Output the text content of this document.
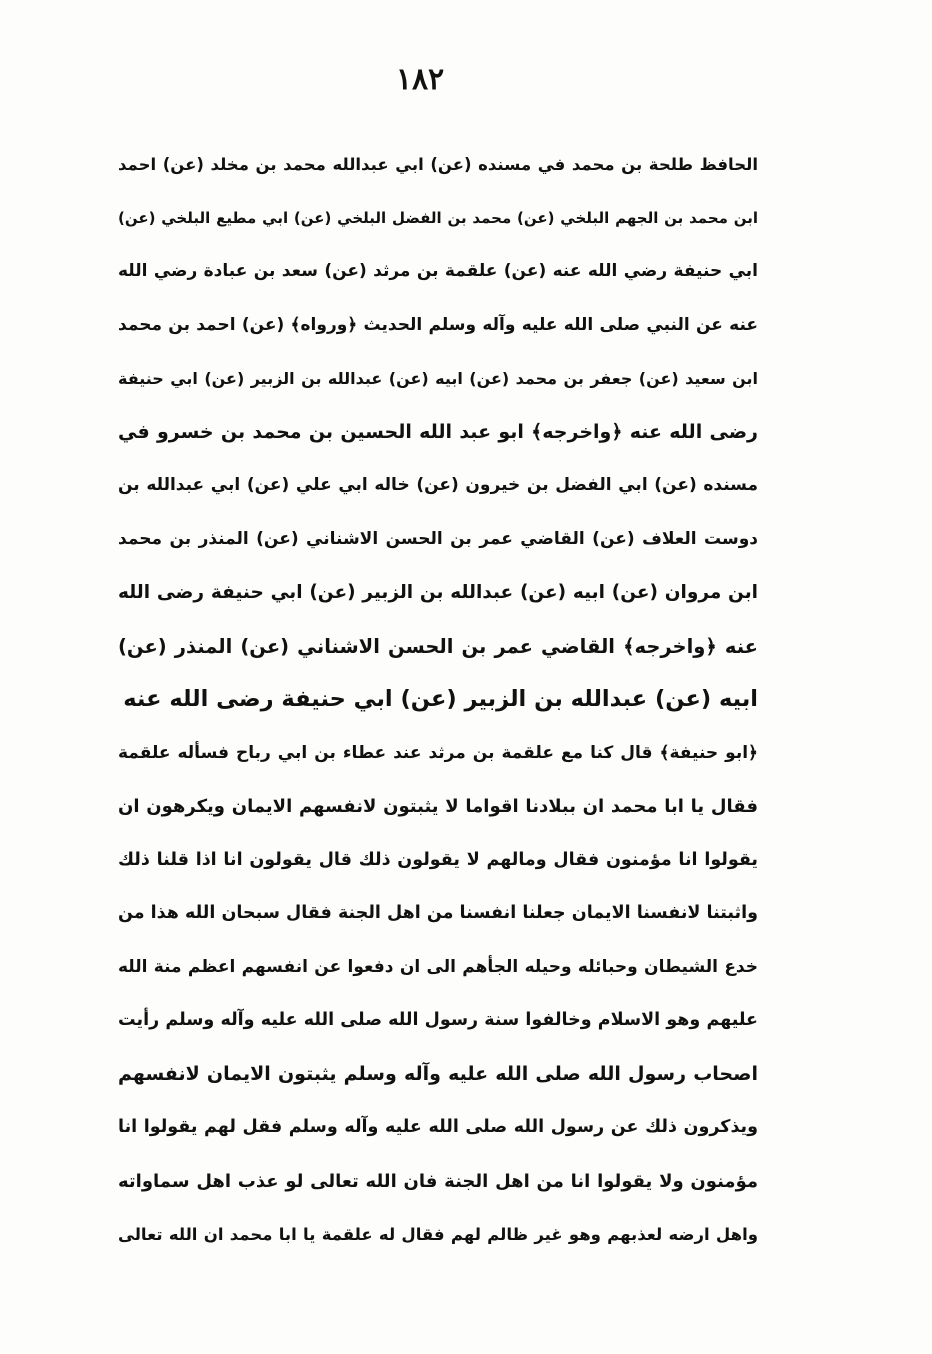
١٨٢
الحافظ طلحة بن محمد في مسنده (عن) ابي عبدالله محمد بن مخلد (عن) احمد
ابن محمد بن الجهم البلخي (عن) محمد بن الفضل البلخي (عن) ابي مطيع البلخي (عن)
ابي حنيفة رضي الله عنه (عن) علقمة بن مرثد (عن) سعد بن عبادة رضي الله
عنه عن النبي صلى الله عليه وآله وسلم الحديث ﴿ورواه﴾ (عن) احمد بن محمد
ابن سعيد (عن) جعفر بن محمد (عن) ابيه (عن) عبدالله بن الزبير (عن) ابي حنيفة
رضى الله عنه ﴿واخرجه﴾ ابو عبد الله الحسين بن محمد بن خسرو في
مسنده (عن) ابي الفضل بن خيرون (عن) خاله ابي علي (عن) ابي عبدالله بن
دوست العلاف (عن) القاضي عمر بن الحسن الاشناني (عن) المنذر بن محمد
ابن مروان (عن) ابيه (عن) عبدالله بن الزبير (عن) ابي حنيفة رضى الله
عنه ﴿واخرجه﴾ القاضي عمر بن الحسن الاشناني (عن) المنذر (عن)
ابيه (عن) عبدالله بن الزبير (عن) ابي حنيفة رضى الله عنه
﴿ابو حنيفة﴾ قال كنا مع علقمة بن مرثد عند عطاء بن ابي رباح فسأله علقمة
فقال يا ابا محمد ان ببلادنا اقواما لا يثبتون لانفسهم الايمان ويكرهون ان
يقولوا انا مؤمنون فقال ومالهم لا يقولون ذلك قال يقولون انا اذا قلنا ذلك
واثبتنا لانفسنا الايمان جعلنا انفسنا من اهل الجنة فقال سبحان الله هذا من
خدع الشيطان وحبائله وحيله الجأهم الى ان دفعوا عن انفسهم اعظم منة الله
عليهم وهو الاسلام وخالفوا سنة رسول الله صلى الله عليه وآله وسلم رأيت
اصحاب رسول الله صلى الله عليه وآله وسلم يثبتون الايمان لانفسهم
ويذكرون ذلك عن رسول الله صلى الله عليه وآله وسلم فقل لهم يقولوا انا
مؤمنون ولا يقولوا انا من اهل الجنة فان الله تعالى لو عذب اهل سماواته
واهل ارضه لعذبهم وهو غير ظالم لهم فقال له علقمة يا ابا محمد ان الله تعالى
